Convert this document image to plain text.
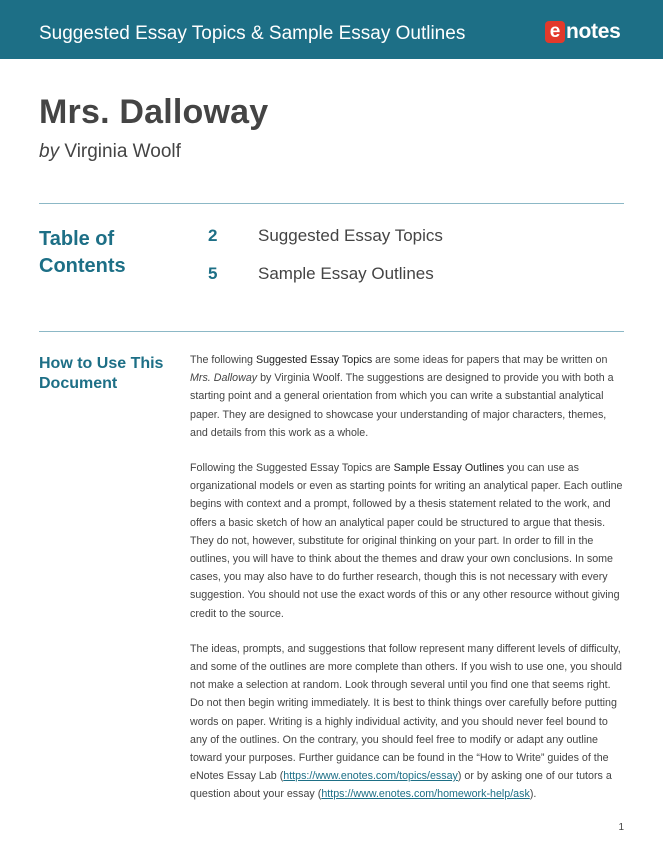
Suggested Essay Topics & Sample Essay Outlines	e notes
Mrs. Dalloway
by Virginia Woolf
Table of Contents
2	Suggested Essay Topics
5	Sample Essay Outlines
How to Use This Document

The following Suggested Essay Topics are some ideas for papers that may be written on Mrs. Dalloway by Virginia Woolf. The suggestions are designed to provide you with both a starting point and a general orientation from which you can write a substantial analytical paper. They are designed to showcase your understanding of major characters, themes, and details from this work as a whole.

Following the Suggested Essay Topics are Sample Essay Outlines you can use as organizational models or even as starting points for writing an analytical paper. Each outline begins with context and a prompt, followed by a thesis statement related to the work, and offers a basic sketch of how an analytical paper could be structured to argue that thesis. They do not, however, substitute for original thinking on your part. In order to fill in the outlines, you will have to think about the themes and draw your own conclusions. In some cases, you may also have to do further research, though this is not necessary with every suggestion. You should not use the exact words of this or any other resource without giving credit to the source.

The ideas, prompts, and suggestions that follow represent many different levels of difficulty, and some of the outlines are more complete than others. If you wish to use one, you should not make a selection at random. Look through several until you find one that seems right. Do not then begin writing immediately. It is best to think things over carefully before putting words on paper. Writing is a highly individual activity, and you should never feel bound to any of the outlines. On the contrary, you should feel free to modify or adapt any outline toward your purposes. Further guidance can be found in the “How to Write” guides of the eNotes Essay Lab (https://www.enotes.com/topics/essay) or by asking one of our tutors a question about your essay (https://www.enotes.com/homework-help/ask).

1
